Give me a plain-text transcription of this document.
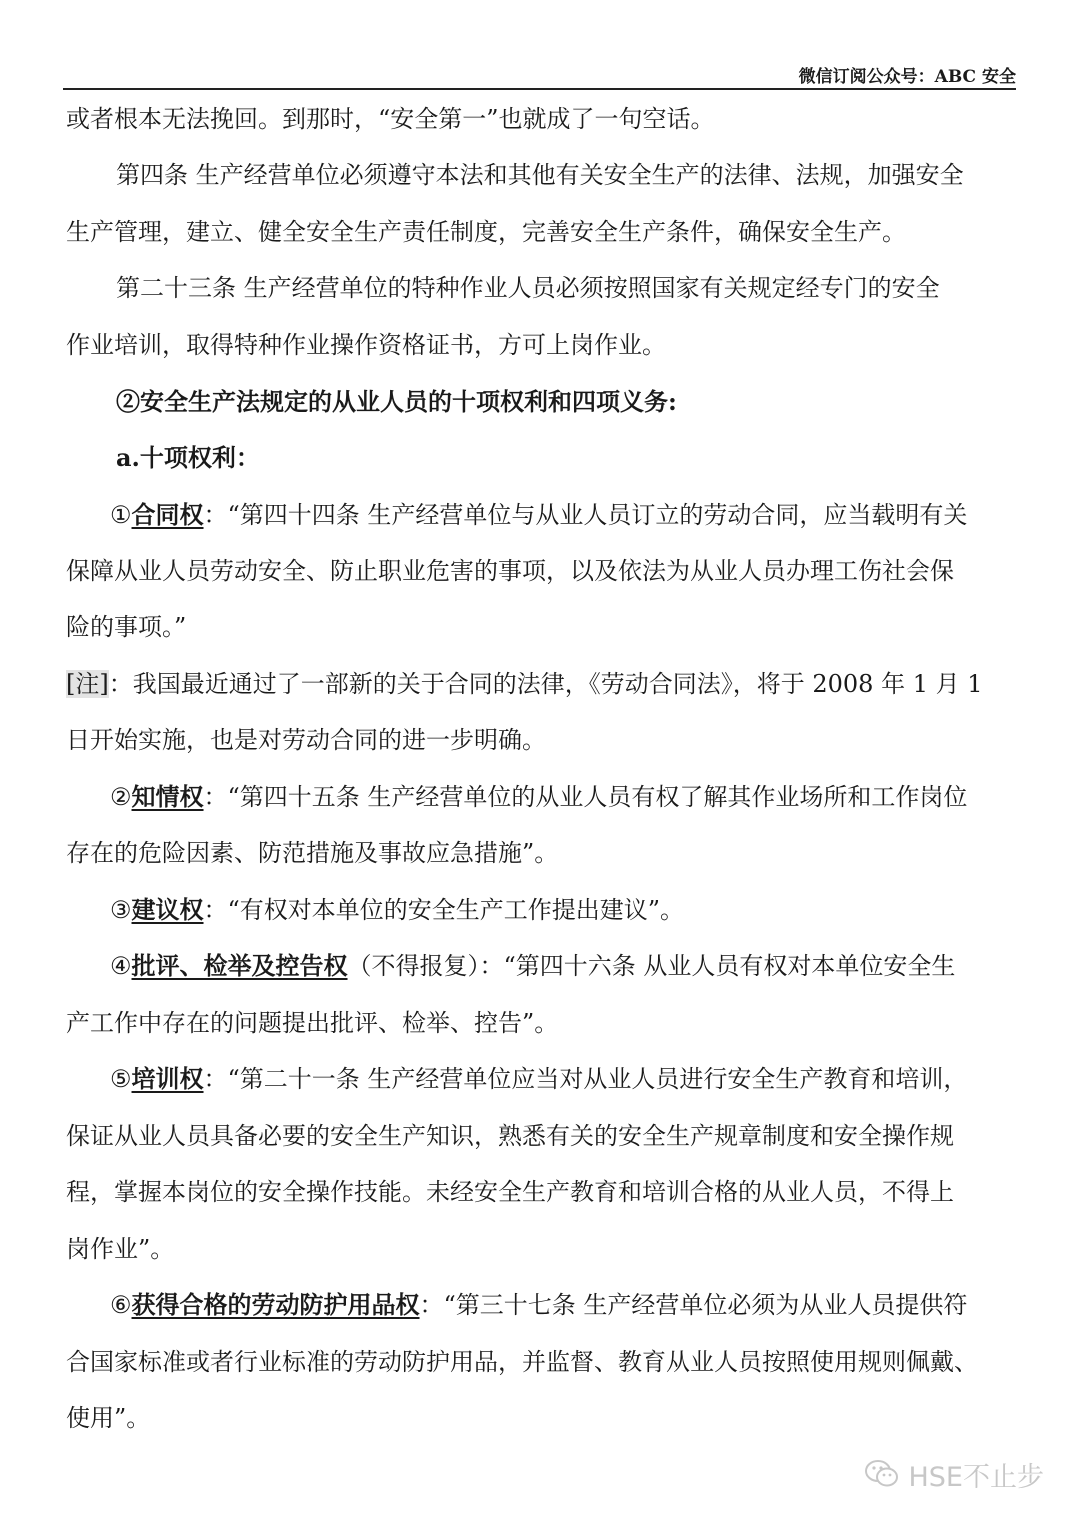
微信订阅公众号：ABC 安全
或者根本无法挽回。到那时，“安全第一”也就成了一句空话。
第四条 生产经营单位必须遵守本法和其他有关安全生产的法律、法规，加强安全
生产管理，建立、健全安全生产责任制度，完善安全生产条件，确保安全生产。
第二十三条 生产经营单位的特种作业人员必须按照国家有关规定经专门的安全
作业培训，取得特种作业操作资格证书，方可上岗作业。
②安全生产法规定的从业人员的十项权利和四项义务:
a.十项权利：
①合同权：“第四十四条 生产经营单位与从业人员订立的劳动合同，应当载明有关
保障从业人员劳动安全、防止职业危害的事项，以及依法为从业人员办理工伤社会保
险的事项。”
[注]：我国最近通过了一部新的关于合同的法律，《劳动合同法》，将于 2008 年 1 月 1
日开始实施，也是对劳动合同的进一步明确。
②知情权：“第四十五条 生产经营单位的从业人员有权了解其作业场所和工作岗位
存在的危险因素、防范措施及事故应急措施”。
③建议权：“有权对本单位的安全生产工作提出建议”。
④批评、检举及控告权（不得报复）：“第四十六条 从业人员有权对本单位安全生
产工作中存在的问题提出批评、检举、控告”。
⑤培训权：“第二十一条 生产经营单位应当对从业人员进行安全生产教育和培训，
保证从业人员具备必要的安全生产知识，熟悉有关的安全生产规章制度和安全操作规
程，掌握本岗位的安全操作技能。未经安全生产教育和培训合格的从业人员，不得上
岗作业”。
⑥获得合格的劳动防护用品权：“第三十七条 生产经营单位必须为从业人员提供符
合国家标准或者行业标准的劳动防护用品，并监督、教育从业人员按照使用规则佩戴、
使用”。
HSE不止步
